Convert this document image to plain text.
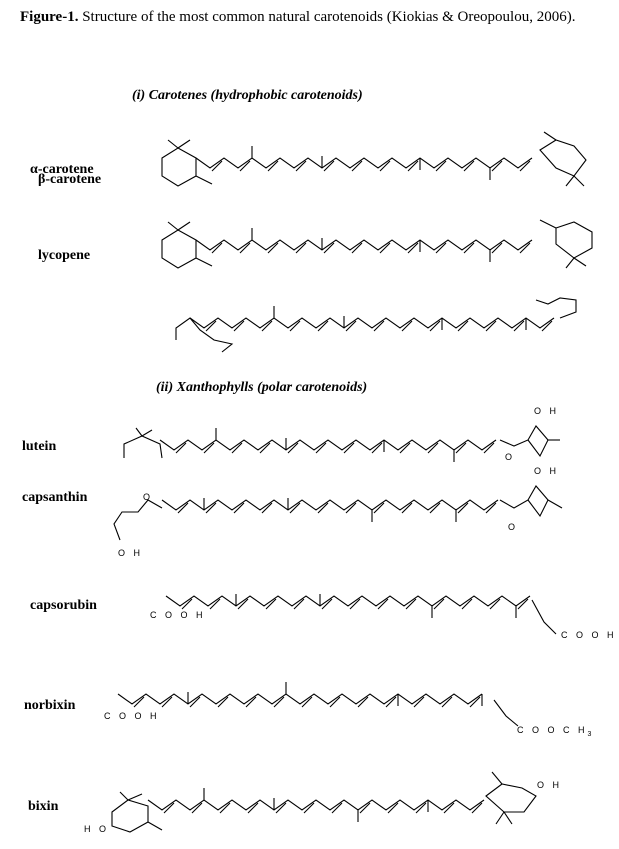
Figure-1. Structure of the most common natural carotenoids (Kiokias & Oreopoulou, 2006).
(i) Carotenes (hydrophobic carotenoids)
(ii) Xanthophylls (polar carotenoids)
α-carotene
β-carotene
lycopene
lutein
capsanthin
capsorubin
norbixin
bixin
O H
O
O H
O
O
O H
C O O H
C O O H
C O O H
C O O C $H_3$
O H
H O
